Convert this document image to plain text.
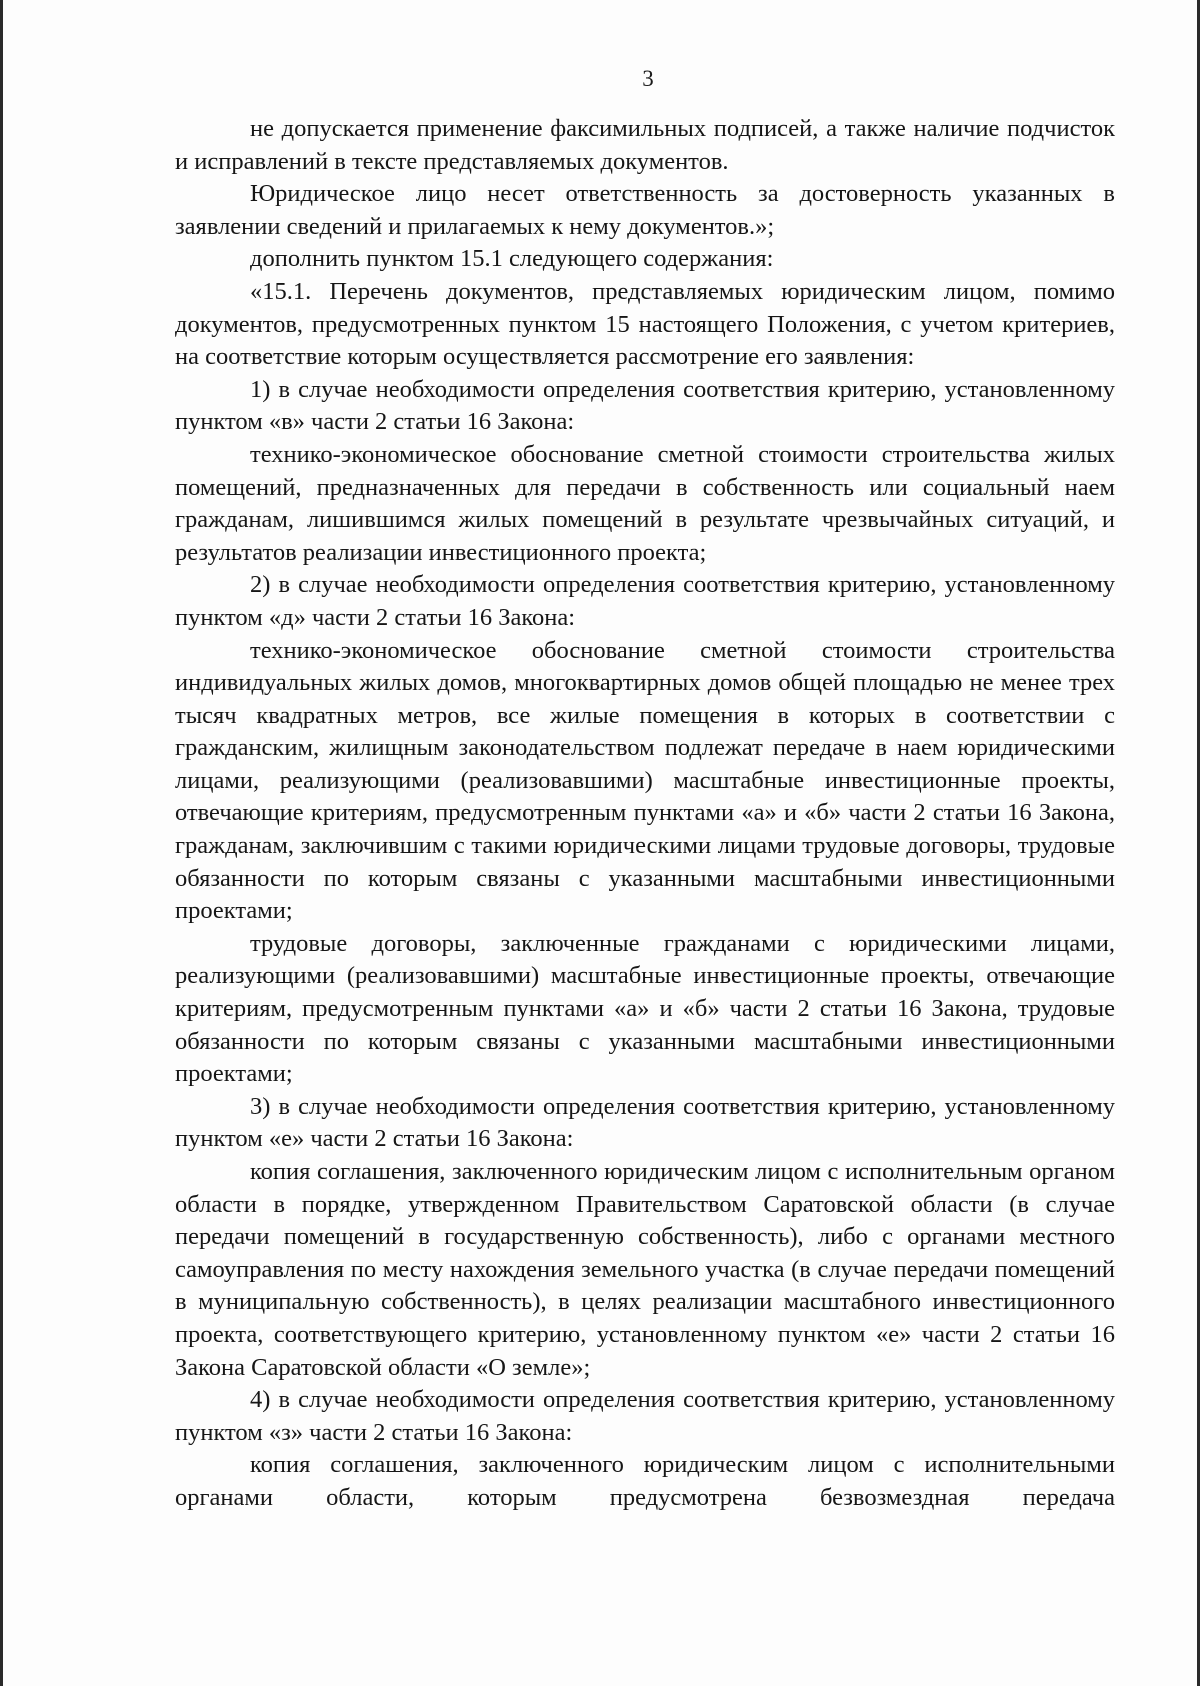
3

не допускается применение факсимильных подписей, а также наличие подчисток и исправлений в тексте представляемых документов.

Юридическое лицо несет ответственность за достоверность указанных в заявлении сведений и прилагаемых к нему документов.»;

дополнить пунктом 15.1 следующего содержания:

«15.1. Перечень документов, представляемых юридическим лицом, помимо документов, предусмотренных пунктом 15 настоящего Положения, с учетом критериев, на соответствие которым осуществляется рассмотрение его заявления:

1) в случае необходимости определения соответствия критерию, установленному пунктом «в» части 2 статьи 16 Закона:

технико-экономическое обоснование сметной стоимости строительства жилых помещений, предназначенных для передачи в собственность или социальный наем гражданам, лишившимся жилых помещений в результате чрезвычайных ситуаций, и результатов реализации инвестиционного проекта;

2) в случае необходимости определения соответствия критерию, установленному пунктом «д» части 2 статьи 16 Закона:

технико-экономическое обоснование сметной стоимости строительства индивидуальных жилых домов, многоквартирных домов общей площадью не менее трех тысяч квадратных метров, все жилые помещения в которых в соответствии с гражданским, жилищным законодательством подлежат передаче в наем юридическими лицами, реализующими (реализовавшими) масштабные инвестиционные проекты, отвечающие критериям, предусмотренным пунктами «а» и «б» части 2 статьи 16 Закона, гражданам, заключившим с такими юридическими лицами трудовые договоры, трудовые обязанности по которым связаны с указанными масштабными инвестиционными проектами;

трудовые договоры, заключенные гражданами с юридическими лицами, реализующими (реализовавшими) масштабные инвестиционные проекты, отвечающие критериям, предусмотренным пунктами «а» и «б» части 2 статьи 16 Закона, трудовые обязанности по которым связаны с указанными масштабными инвестиционными проектами;

3) в случае необходимости определения соответствия критерию, установленному пунктом «е» части 2 статьи 16 Закона:

копия соглашения, заключенного юридическим лицом с исполнительным органом области в порядке, утвержденном Правительством Саратовской области (в случае передачи помещений в государственную собственность), либо с органами местного самоуправления по месту нахождения земельного участка (в случае передачи помещений в муниципальную собственность), в целях реализации масштабного инвестиционного проекта, соответствующего критерию, установленному пунктом «е» части 2 статьи 16 Закона Саратовской области «О земле»;

4) в случае необходимости определения соответствия критерию, установленному пунктом «з» части 2 статьи 16 Закона:

копия соглашения, заключенного юридическим лицом с исполнительными органами области, которым предусмотрена безвозмездная передача
